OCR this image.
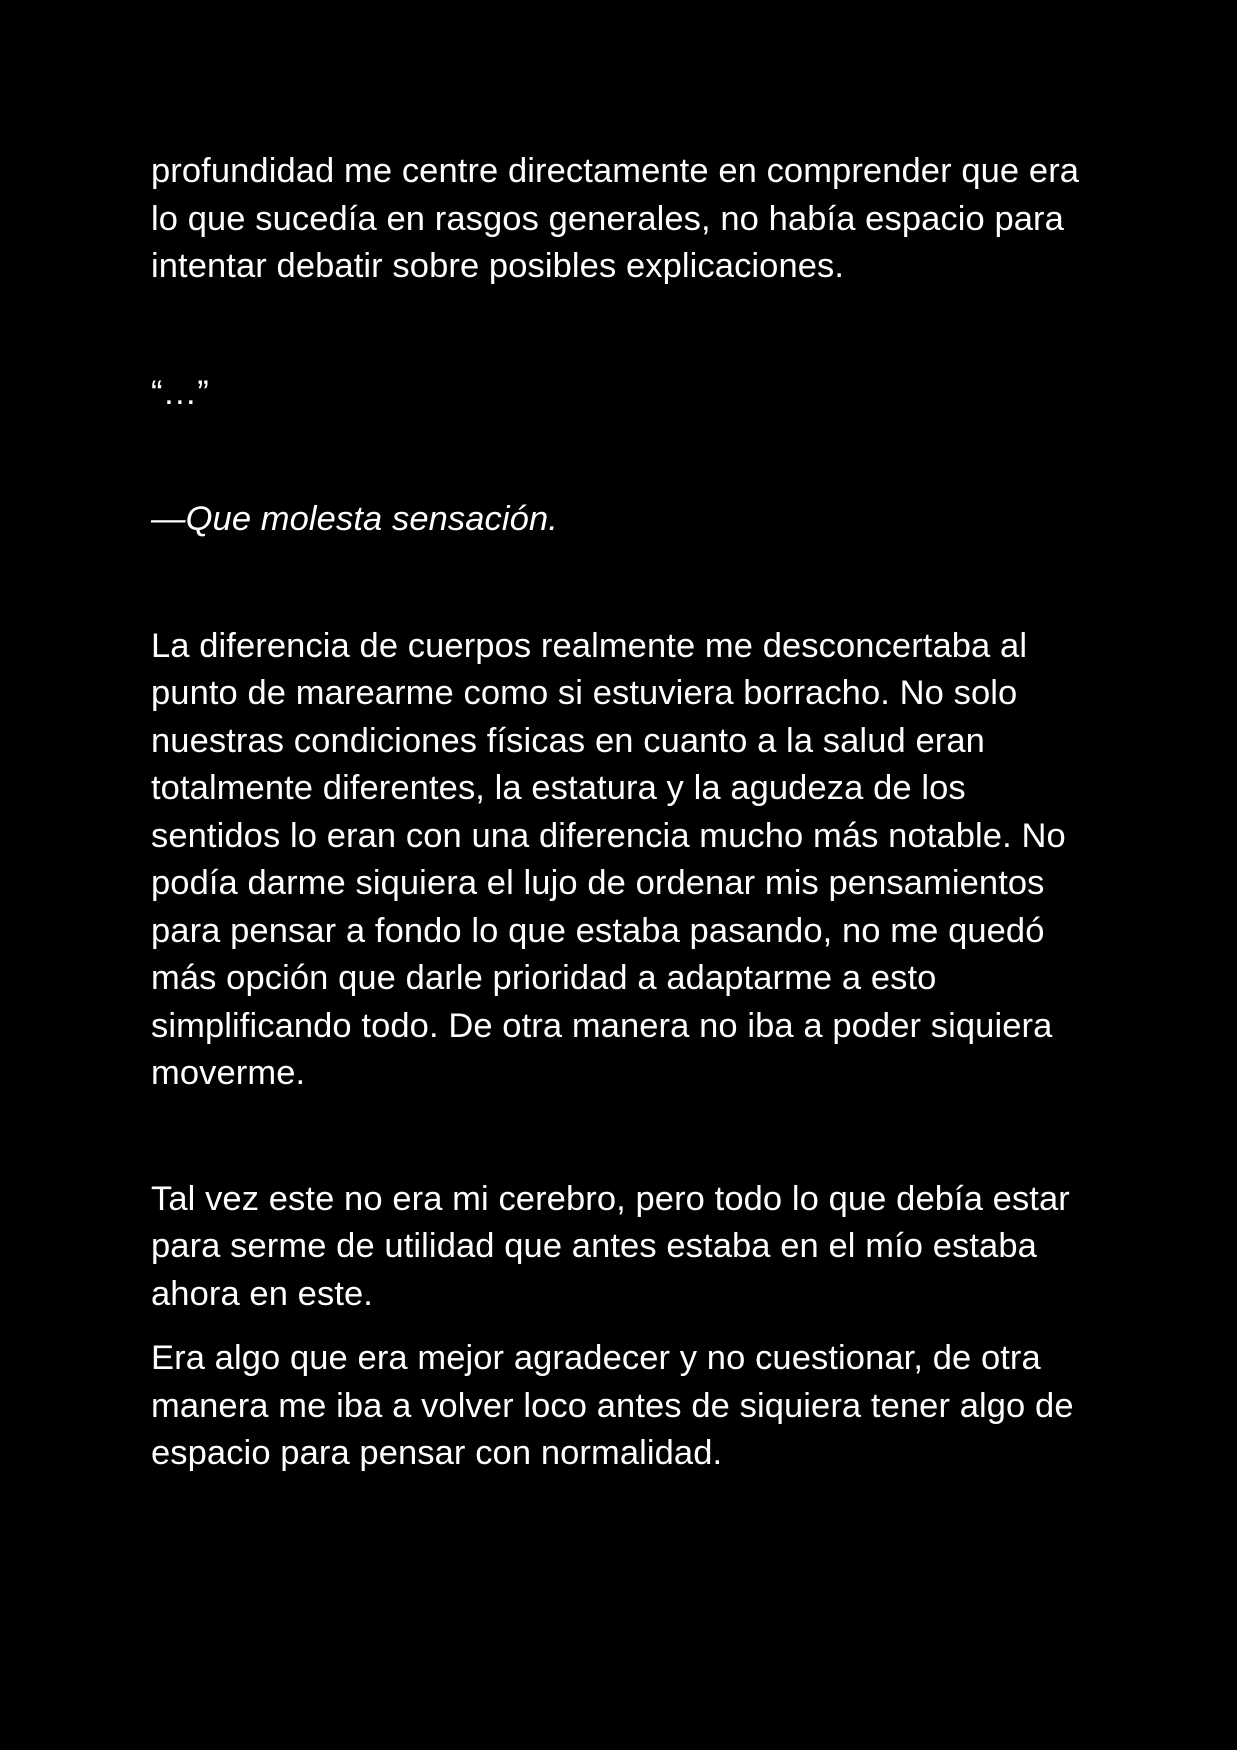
profundidad me centre directamente en comprender que era lo que sucedía en rasgos generales, no había espacio para intentar debatir sobre posibles explicaciones.

“…”

—Que molesta sensación.

La diferencia de cuerpos realmente me desconcertaba al punto de marearme como si estuviera borracho. No solo nuestras condiciones físicas en cuanto a la salud eran totalmente diferentes, la estatura y la agudeza de los sentidos lo eran con una diferencia mucho más notable. No podía darme siquiera el lujo de ordenar mis pensamientos para pensar a fondo lo que estaba pasando, no me quedó más opción que darle prioridad a adaptarme a esto simplificando todo. De otra manera no iba a poder siquiera moverme.

Tal vez este no era mi cerebro, pero todo lo que debía estar para serme de utilidad que antes estaba en el mío estaba ahora en este.

Era algo que era mejor agradecer y no cuestionar, de otra manera me iba a volver loco antes de siquiera tener algo de espacio para pensar con normalidad.
